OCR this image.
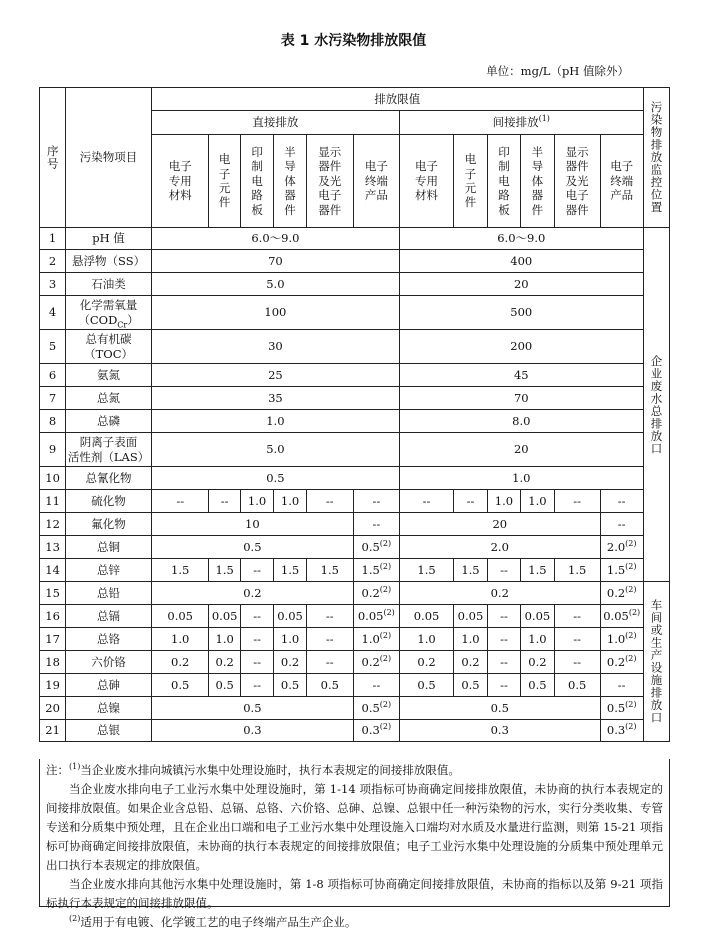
表 1 水污染物排放限值
单位：mg/L（pH 值除外）
序号	污染物项目	排放限值												污染物排放监控位置

		直接排放						间接排放$^{(1)}$
		电子
专用
材料	电
子
元
件	印
制
电
路
板	半
导
体
器
件	显示
器件
及光
电子
器件	电子
终端
产品	电子
专用
材料	电
子
元
件	印
制
电
路
板	半
导
体
器
件	显示
器件
及光
电子
器件	电子
终端
产品	
1	pH 值	6.0～9.0						6.0～9.0						企业废水总排放口

2	悬浮物（SS）	70						400						
3	石油类	5.0						20						
4	化学需氧量
$(COD_{Cr})$	100						500						
5	总有机碳
（TOC）	30						200						
6	氨氮	25						45						
7	总氮	35						70						
8	总磷	1.0						8.0						
9	阴离子表面
活性剂（LAS）	5.0						20						
10	总氰化物	0.5						1.0						
11	硫化物	--	--	1.0	1.0	--	--	--	--	1.0	1.0	--	--	
12	氟化物	10					--	20					--	
13	总铜	0.5					0.5$^{(2)}$	2.0					2.0$^{(2)}$
14	总锌	1.5	1.5	--	1.5	1.5	1.5$^{(2)}$	1.5	1.5	--	1.5	1.5	1.5$^{(2)}$
15	总铅	0.2					0.2$^{(2)}$	0.2					0.2$^{(2)}$	车间或生产设施排放口

16	总镉	0.05	0.05	--	0.05	--	0.05$^{(2)}$	0.05	0.05	--	0.05	--	0.05$^{(2)}$
17	总铬	1.0	1.0	--	1.0	--	1.0$^{(2)}$	1.0	1.0	--	1.0	--	1.0$^{(2)}$
18	六价铬	0.2	0.2	--	0.2	--	0.2$^{(2)}$	0.2	0.2	--	0.2	--	0.2$^{(2)}$
19	总砷	0.5	0.5	--	0.5	0.5	--	0.5	0.5	--	0.5	0.5	--	
20	总镍	0.5					0.5$^{(2)}$	0.5					0.5$^{(2)}$
21	总银	0.3					0.3$^{(2)}$	0.3					0.3$^{(2)}$

注：$^{(1)}$当企业废水排向城镇污水集中处理设施时，执行本表规定的间接排放限值。

当企业废水排向电子工业污水集中处理设施时，第 1-14 项指标可协商确定间接排放限值，未协商的执行本表规定的间接排放限值。如果企业含总铅、总镉、总铬、六价铬、总砷、总镍、总银中任一种污染物的污水，实行分类收集、专管专送和分质集中预处理，且在企业出口端和电子工业污水集中处理设施入口端均对水质及水量进行监测，则第 15-21 项指标可协商确定间接排放限值，未协商的执行本表规定的间接排放限值；电子工业污水集中处理设施的分质集中预处理单元出口执行本表规定的排放限值。

当企业废水排向其他污水集中处理设施时，第 1-8 项指标可协商确定间接排放限值，未协商的指标以及第 9-21 项指标执行本表规定的间接排放限值。

$^{(2)}$适用于有电镀、化学镀工艺的电子终端产品生产企业。
